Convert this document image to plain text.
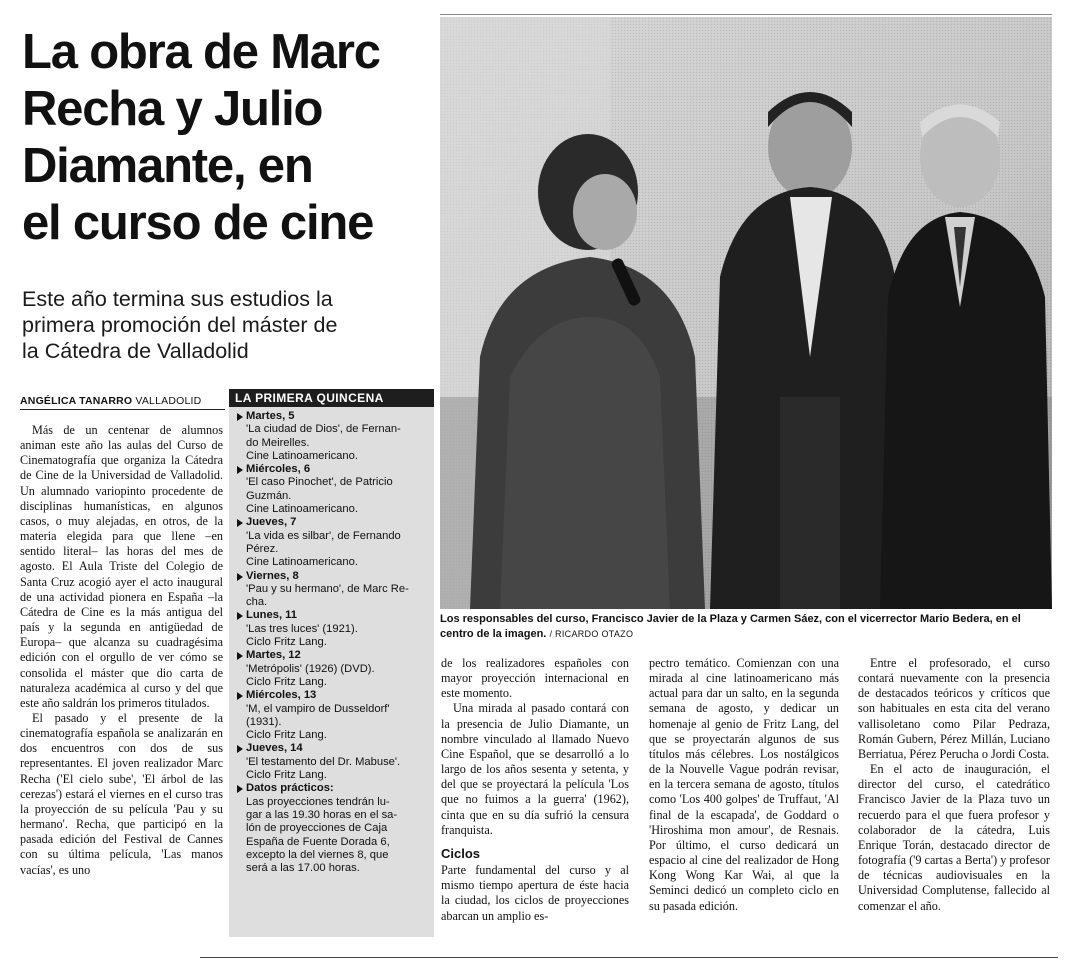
La obra de Marc
Recha y Julio
Diamante, en
el curso de cine
Este año termina sus estudios la
primera promoción del máster de
la Cátedra de Valladolid
ANGÉLICA TANARRO VALLADOLID

Más de un centenar de alumnos animan este año las aulas del Curso de Cinematografía que organiza la Cátedra de Cine de la Universidad de Valladolid. Un alumnado variopinto procedente de disciplinas humanísticas, en algunos casos, o muy alejadas, en otros, de la materia elegida para que llene –en sentido literal– las horas del mes de agosto. El Aula Triste del Colegio de Santa Cruz acogió ayer el acto inaugural de una actividad pionera en España –la Cátedra de Cine es la más antigua del país y la segunda en antigüedad de Europa– que alcanza su cuadragésima edición con el orgullo de ver cómo se consolida el máster que dio carta de naturaleza académica al curso y del que este año saldrán los primeros titulados.

El pasado y el presente de la cinematografía española se analizarán en dos encuentros con dos de sus representantes. El joven realizador Marc Recha ('El cielo sube', 'El árbol de las cerezas') estará el viernes en el curso tras la proyección de su película 'Pau y su hermano'. Recha, que participó en la pasada edición del Festival de Cannes con su última película, 'Las manos vacías', es uno

LA PRIMERA QUINCENA
Martes, 5
'La ciudad de Dios', de Fernan-
do Meirelles.
Cine Latinoamericano.
Miércoles, 6
'El caso Pinochet', de Patricio
Guzmán.
Cine Latinoamericano.
Jueves, 7
'La vida es silbar', de Fernando
Pérez.
Cine Latinoamericano.
Viernes, 8
'Pau y su hermano', de Marc Re-
cha.
Lunes, 11
'Las tres luces' (1921).
Ciclo Fritz Lang.
Martes, 12
'Metrópolis' (1926) (DVD).
Ciclo Fritz Lang.
Miércoles, 13
'M, el vampiro de Dusseldorf'
(1931).
Ciclo Fritz Lang.
Jueves, 14
'El testamento del Dr. Mabuse'.
Ciclo Fritz Lang.
Datos prácticos:
Las proyecciones tendrán lu-
gar a las 19.30 horas en el sa-
lón de proyecciones de Caja
España de Fuente Dorada 6,
excepto la del viernes 8, que
será a las 17.00 horas.
Los responsables del curso, Francisco Javier de la Plaza y Carmen Sáez, con el vicerrector Mario Bedera, en el centro de la imagen. / RICARDO OTAZO

de los realizadores españoles con mayor proyección internacional en este momento.

Una mirada al pasado contará con la presencia de Julio Diamante, un nombre vinculado al llamado Nuevo Cine Español, que se desarrolló a lo largo de los años sesenta y setenta, y del que se proyectará la película 'Los que no fuimos a la guerra' (1962), cinta que en su día sufrió la censura franquista.

Ciclos

Parte fundamental del curso y al mismo tiempo apertura de éste hacia la ciudad, los ciclos de proyecciones abarcan un amplio es-

pectro temático. Comienzan con una mirada al cine latinoamericano más actual para dar un salto, en la segunda semana de agosto, y dedicar un homenaje al genio de Fritz Lang, del que se proyectarán algunos de sus títulos más célebres. Los nostálgicos de la Nouvelle Vague podrán revisar, en la tercera semana de agosto, títulos como 'Los 400 golpes' de Truffaut, 'Al final de la escapada', de Goddard o 'Hiroshima mon amour', de Resnais. Por último, el curso dedicará un espacio al cine del realizador de Hong Kong Wong Kar Wai, al que la Seminci dedicó un completo ciclo en su pasada edición.

Entre el profesorado, el curso contará nuevamente con la presencia de destacados teóricos y críticos que son habituales en esta cita del verano vallisoletano como Pilar Pedraza, Román Gubern, Pérez Millán, Luciano Berriatua, Pérez Perucha o Jordi Costa.

En el acto de inauguración, el director del curso, el catedrático Francisco Javier de la Plaza tuvo un recuerdo para el que fuera profesor y colaborador de la cátedra, Luis Enrique Torán, destacado director de fotografía ('9 cartas a Berta') y profesor de técnicas audiovisuales en la Universidad Complutense, fallecido al comenzar el año.
